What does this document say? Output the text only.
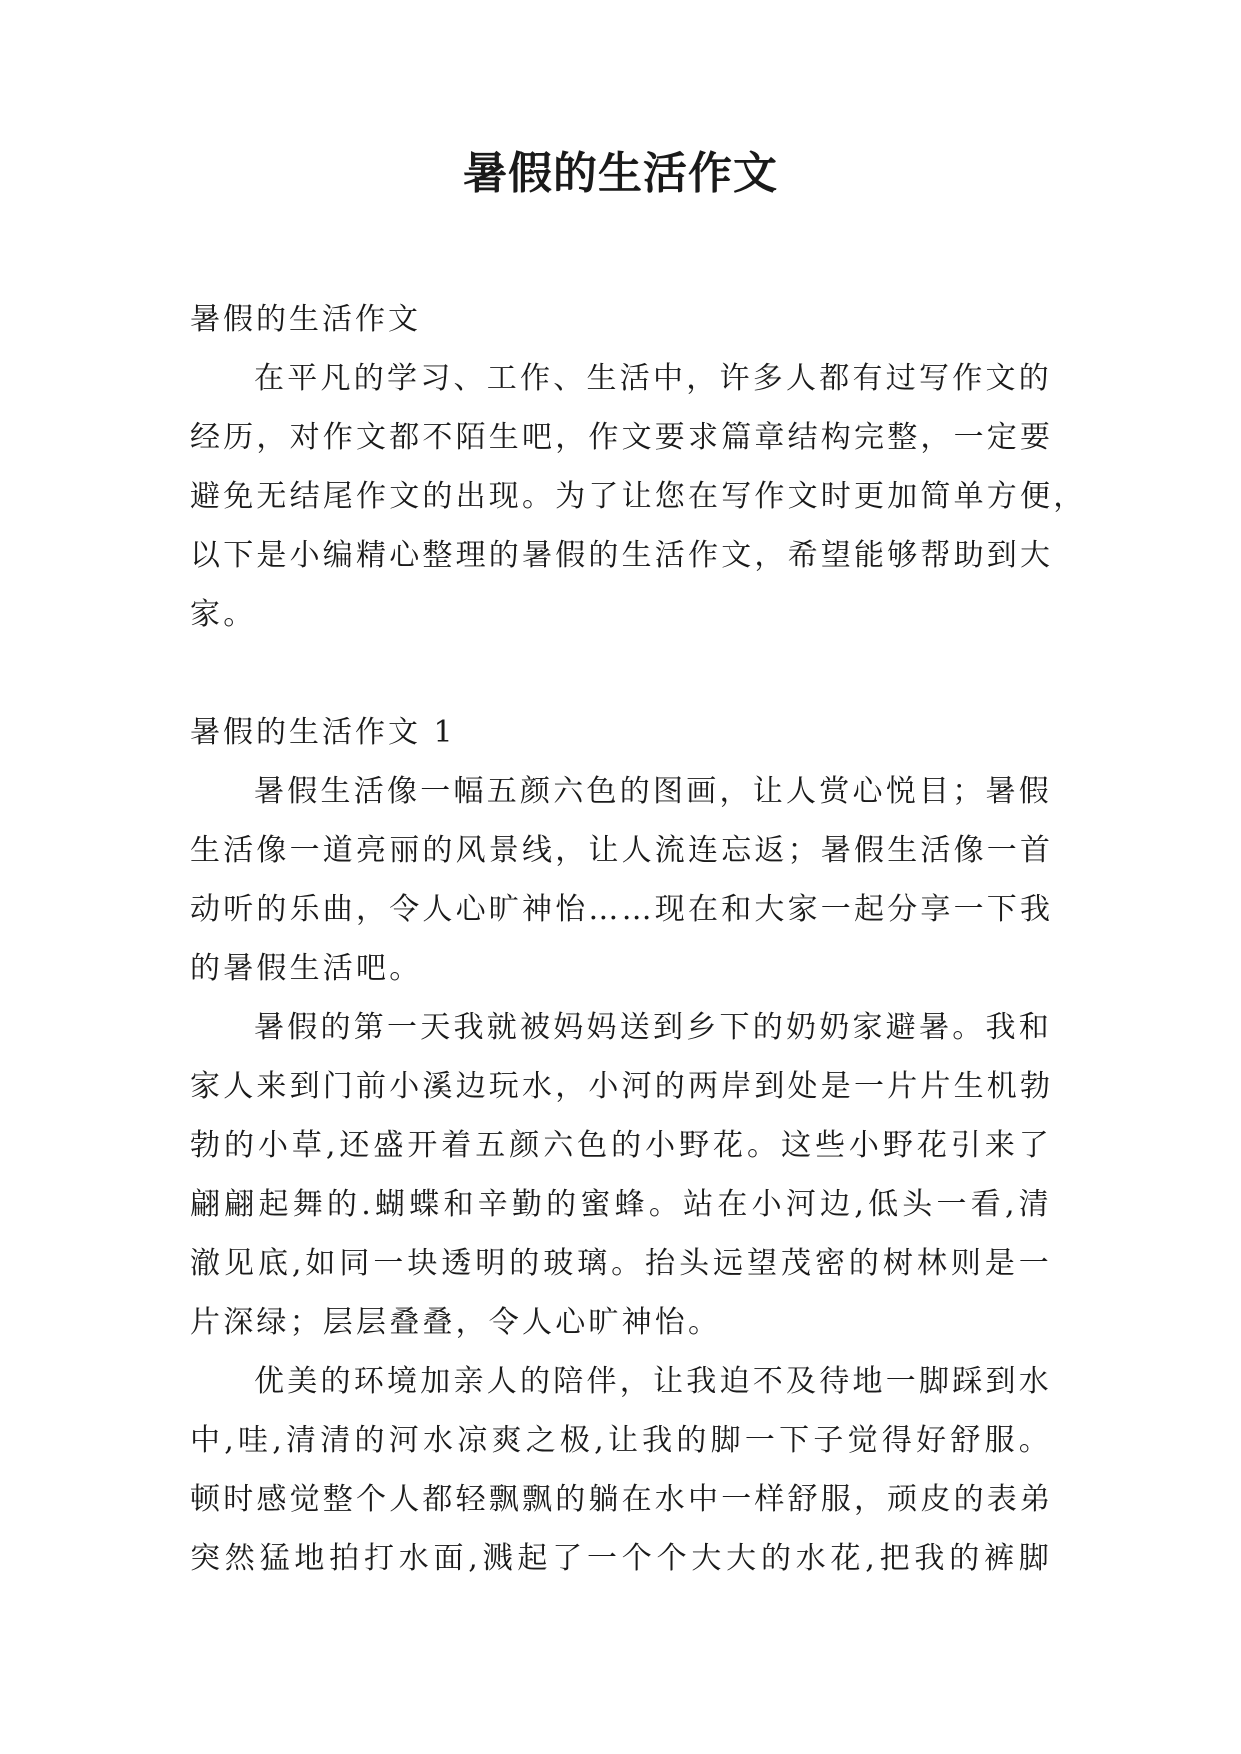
暑假的生活作文

暑假的生活作文

在平凡的学习、工作、生活中，许多人都有过写作文的

经历，对作文都不陌生吧，作文要求篇章结构完整，一定要

避免无结尾作文的出现。为了让您在写作文时更加简单方便，

以下是小编精心整理的暑假的生活作文，希望能够帮助到大

家。

暑假的生活作文 1

暑假生活像一幅五颜六色的图画，让人赏心悦目；暑假

生活像一道亮丽的风景线，让人流连忘返；暑假生活像一首

动听的乐曲，令人心旷神怡……现在和大家一起分享一下我

的暑假生活吧。

暑假的第一天我就被妈妈送到乡下的奶奶家避暑。我和

家人来到门前小溪边玩水，小河的两岸到处是一片片生机勃

勃的小草,还盛开着五颜六色的小野花。这些小野花引来了

翩翩起舞的.蝴蝶和辛勤的蜜蜂。站在小河边,低头一看,清

澈见底,如同一块透明的玻璃。抬头远望茂密的树林则是一

片深绿；层层叠叠，令人心旷神怡。

优美的环境加亲人的陪伴，让我迫不及待地一脚踩到水

中,哇,清清的河水凉爽之极,让我的脚一下子觉得好舒服。

顿时感觉整个人都轻飘飘的躺在水中一样舒服，顽皮的表弟

突然猛地拍打水面,溅起了一个个大大的水花,把我的裤脚
